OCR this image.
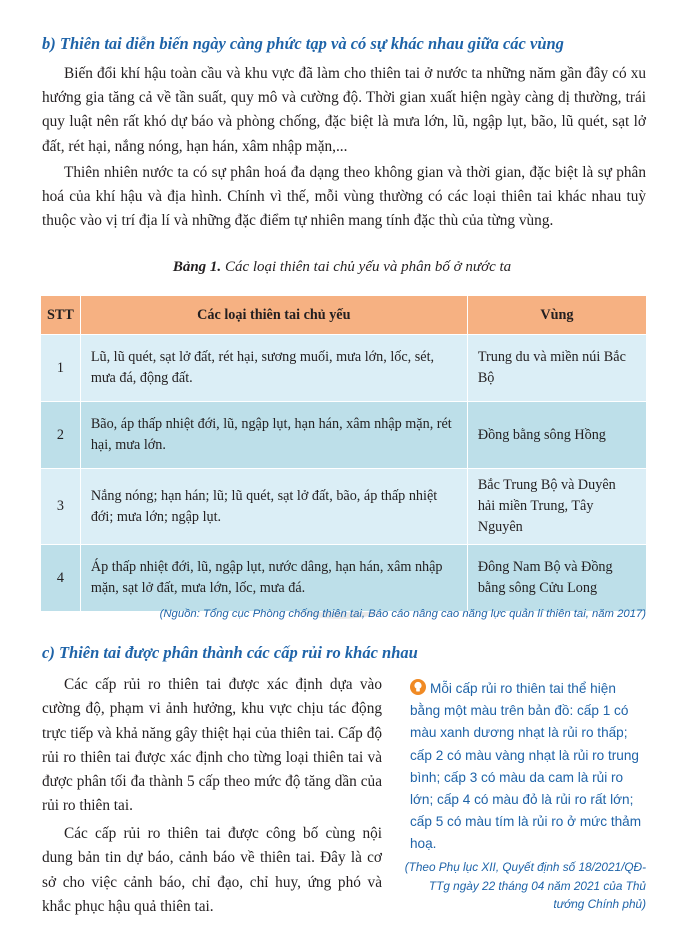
b) Thiên tai diễn biến ngày càng phức tạp và có sự khác nhau giữa các vùng

Biến đổi khí hậu toàn cầu và khu vực đã làm cho thiên tai ở nước ta những năm gần đây có xu hướng gia tăng cả về tần suất, quy mô và cường độ. Thời gian xuất hiện ngày càng dị thường, trái quy luật nên rất khó dự báo và phòng chống, đặc biệt là mưa lớn, lũ, ngập lụt, bão, lũ quét, sạt lở đất, rét hại, nắng nóng, hạn hán, xâm nhập mặn,...

Thiên nhiên nước ta có sự phân hoá đa dạng theo không gian và thời gian, đặc biệt là sự phân hoá của khí hậu và địa hình. Chính vì thế, mỗi vùng thường có các loại thiên tai khác nhau tuỳ thuộc vào vị trí địa lí và những đặc điểm tự nhiên mang tính đặc thù của từng vùng.

Bảng 1. Các loại thiên tai chủ yếu và phân bố ở nước ta
STT	Các loại thiên tai chủ yếu	Vùng
1	Lũ, lũ quét, sạt lở đất, rét hại, sương muối, mưa lớn, lốc, sét, mưa đá, động đất.	Trung du và miền núi Bắc Bộ
2	Bão, áp thấp nhiệt đới, lũ, ngập lụt, hạn hán, xâm nhập mặn, rét hại, mưa lớn.	Đồng bằng sông Hồng
3	Nắng nóng; hạn hán; lũ; lũ quét, sạt lở đất, bão, áp thấp nhiệt đới; mưa lớn; ngập lụt.	Bắc Trung Bộ và Duyên hải miền Trung, Tây Nguyên
4	Áp thấp nhiệt đới, lũ, ngập lụt, nước dâng, hạn hán, xâm nhập mặn, sạt lở đất, mưa lớn, lốc, mưa đá.	Đông Nam Bộ và Đồng bằng sông Cửu Long
(Nguồn: Tổng cục Phòng chống thiên tai, Báo cáo nâng cao năng lực quản lí thiên tai, năm 2017)
c) Thiên tai được phân thành các cấp rủi ro khác nhau

Các cấp rủi ro thiên tai được xác định dựa vào cường độ, phạm vi ảnh hưởng, khu vực chịu tác động trực tiếp và khả năng gây thiệt hại của thiên tai. Cấp độ rủi ro thiên tai được xác định cho từng loại thiên tai và được phân tối đa thành 5 cấp theo mức độ tăng dần của rủi ro thiên tai.

Các cấp rủi ro thiên tai được công bố cùng nội dung bản tin dự báo, cảnh báo về thiên tai. Đây là cơ sở cho việc cảnh báo, chỉ đạo, chỉ huy, ứng phó và khắc phục hậu quả thiên tai.

Mỗi cấp rủi ro thiên tai thể hiện bằng một màu trên bản đồ: cấp 1 có màu xanh dương nhạt là rủi ro thấp; cấp 2 có màu vàng nhạt là rủi ro trung bình; cấp 3 có màu da cam là rủi ro lớn; cấp 4 có màu đỏ là rủi ro rất lớn; cấp 5 có màu tím là rủi ro ở mức thảm hoạ.

(Theo Phụ lục XII, Quyết định số 18/2021/QĐ-TTg ngày 22 tháng 04 năm 2021 của Thủ tướng Chính phủ)
